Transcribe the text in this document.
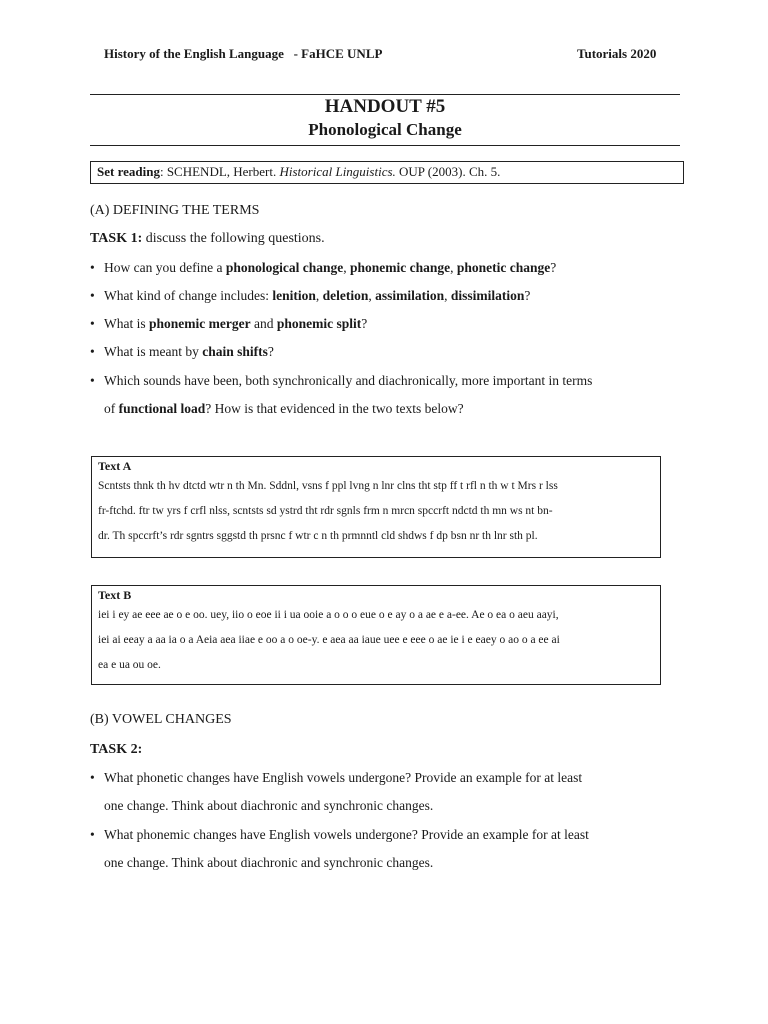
History of the English Language   - FaHCE UNLP	Tutorials 2020
HANDOUT #5
Phonological Change
Set reading: SCHENDL, Herbert. Historical Linguistics. OUP (2003). Ch. 5.
(A) DEFINING THE TERMS
TASK 1: discuss the following questions.
• How can you define a phonological change, phonemic change, phonetic change?
• What kind of change includes: lenition, deletion, assimilation, dissimilation?
• What is phonemic merger and phonemic split?
• What is meant by chain shifts?
• Which sounds have been, both synchronically and diachronically, more important in terms
of functional load? How is that evidenced in the two texts below?
Text A
Scntsts thnk th hv dtctd wtr n th Mn. Sddnl, vsns f ppl lvng n lnr clns tht stp ff t rfl n th w t Mrs r lss
fr-ftchd. ftr tw yrs f crfl nlss, scntsts sd ystrd tht rdr sgnls frm n mrcn spccrft ndctd th mn ws nt bn-
dr. Th spccrft’s rdr sgntrs sggstd th prsnc f wtr c n th prmnntl cld shdws f dp bsn nr th lnr sth pl.
Text B
iei i ey ae eee ae o e oo. uey, iio o eoe ii i ua ooie a o o o eue o e ay o a ae e a-ee. Ae o ea o aeu aayi,
iei ai eeay a aa ia o a Aeia aea iiae e oo a o oe-y. e aea aa iaue uee e eee o ae ie i e eaey o ao o a ee ai
ea e ua ou oe.
(B) VOWEL CHANGES
TASK 2:
• What phonetic changes have English vowels undergone? Provide an example for at least
one change. Think about diachronic and synchronic changes.
• What phonemic changes have English vowels undergone? Provide an example for at least
one change. Think about diachronic and synchronic changes.
